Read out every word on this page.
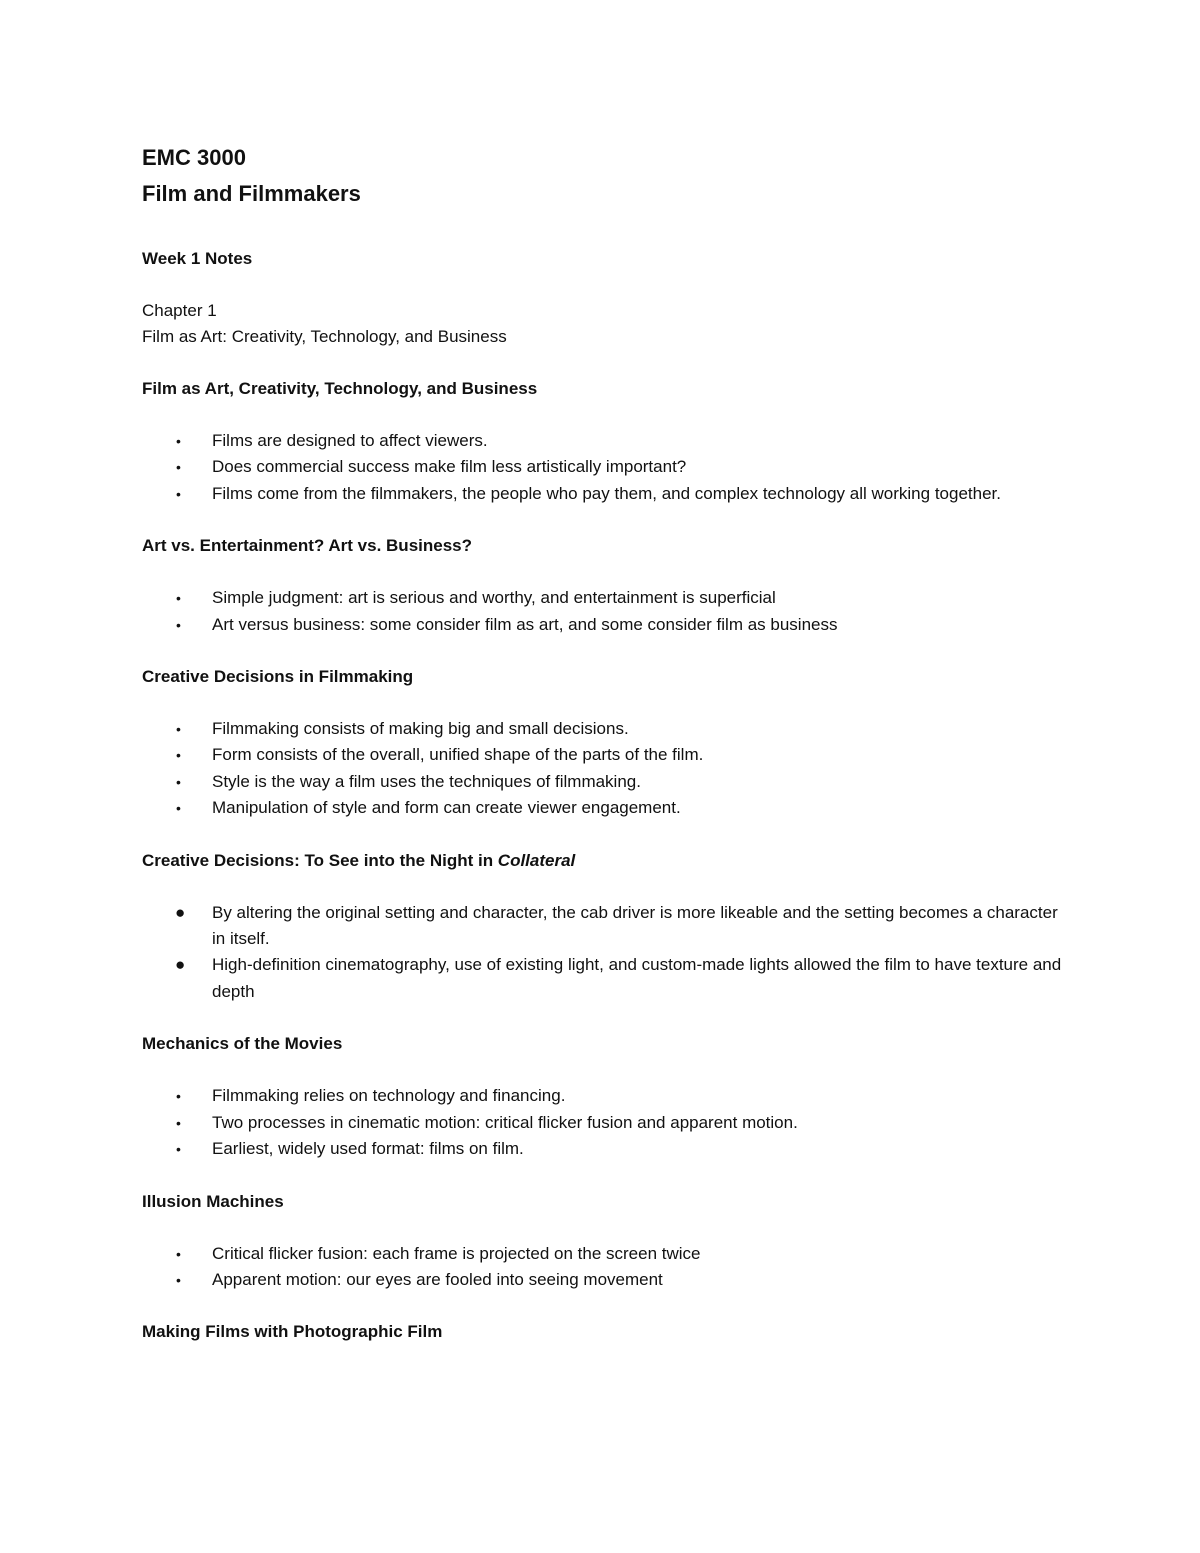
EMC 3000
Film and Filmmakers
Week 1 Notes
Chapter 1
Film as Art: Creativity, Technology, and Business
Film as Art, Creativity, Technology, and Business
• Films are designed to affect viewers.
• Does commercial success make film less artistically important?
• Films come from the filmmakers, the people who pay them, and complex technology all working together.
Art vs. Entertainment? Art vs. Business?
• Simple judgment: art is serious and worthy, and entertainment is superficial
• Art versus business: some consider film as art, and some consider film as business
Creative Decisions in Filmmaking
• Filmmaking consists of making big and small decisions.
• Form consists of the overall, unified shape of the parts of the film.
• Style is the way a film uses the techniques of filmmaking.
• Manipulation of style and form can create viewer engagement.
Creative Decisions: To See into the Night in Collateral
● By altering the original setting and character, the cab driver is more likeable and the setting becomes a character in itself.
● High-definition cinematography, use of existing light, and custom-made lights allowed the film to have texture and depth
Mechanics of the Movies
• Filmmaking relies on technology and financing.
• Two processes in cinematic motion: critical flicker fusion and apparent motion.
• Earliest, widely used format: films on film.
Illusion Machines
• Critical flicker fusion: each frame is projected on the screen twice
• Apparent motion: our eyes are fooled into seeing movement
Making Films with Photographic Film
